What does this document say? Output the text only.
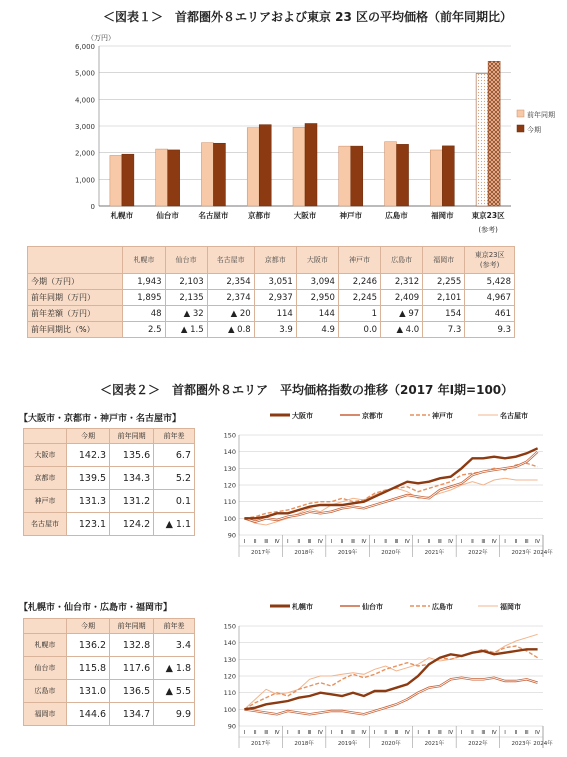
＜図表１＞　首都圏外８エリアおよび東京 23 区の平均価格（前年同期比）
（万円）
0
1,000
2,000
3,000
4,000
5,000
6,000
札幌市	仙台市	名古屋市	京都市	大阪市	神戸市	広島市	福岡市 東京23区
(参考)
前年同期
今期
	札幌市	仙台市	名古屋市	京都市	大阪市	神戸市	広島市	福岡市	東京23区
(参考)
今期（万円）	1,943	2,103	2,354	3,051	3,094	2,246	2,312	2,255	5,428
前年同期（万円）	1,895	2,135	2,374	2,937	2,950	2,245	2,409	2,101	4,967
前年差額（万円）	48	▲ 32	▲ 20	114	144	1	▲ 97	154	461
前年同期比（%）	2.5	▲ 1.5	▲ 0.8	3.9	4.9	0.0	▲ 4.0	7.3	9.3
＜図表２＞　首都圏外８エリア　平均価格指数の推移（2017 年Ⅰ期=100）
【大阪市・京都市・神戸市・名古屋市】
	今期	前年同期	前年差
大阪市	142.3	135.6	6.7
京都市	139.5	134.3	5.2
神戸市	131.3	131.2	0.1
名古屋市	123.1	124.2	▲ 1.1
大阪市	京都市	神戸市	名古屋市
90
100
110
120
130
140
150
Ⅰ Ⅱ Ⅲ Ⅳ Ⅰ Ⅱ Ⅲ Ⅳ Ⅰ Ⅱ Ⅲ Ⅳ Ⅰ Ⅱ Ⅲ Ⅳ Ⅰ Ⅱ Ⅲ Ⅳ Ⅰ Ⅱ Ⅲ Ⅳ Ⅰ Ⅱ Ⅲ Ⅳ
2017年	2018年	2019年	2020年	2021年	2022年	2023年 2024年
【札幌市・仙台市・広島市・福岡市】
	今期	前年同期	前年差
札幌市	136.2	132.8	3.4
仙台市	115.8	117.6	▲ 1.8
広島市	131.0	136.5	▲ 5.5
福岡市	144.6	134.7	9.9
札幌市	仙台市	広島市	福岡市
90
100
110
120
130
140
150
Ⅰ Ⅱ Ⅲ Ⅳ Ⅰ Ⅱ Ⅲ Ⅳ Ⅰ Ⅱ Ⅲ Ⅳ Ⅰ Ⅱ Ⅲ Ⅳ Ⅰ Ⅱ Ⅲ Ⅳ Ⅰ Ⅱ Ⅲ Ⅳ Ⅰ Ⅱ Ⅲ Ⅳ
2017年	2018年	2019年	2020年	2021年	2022年	2023年 2024年
